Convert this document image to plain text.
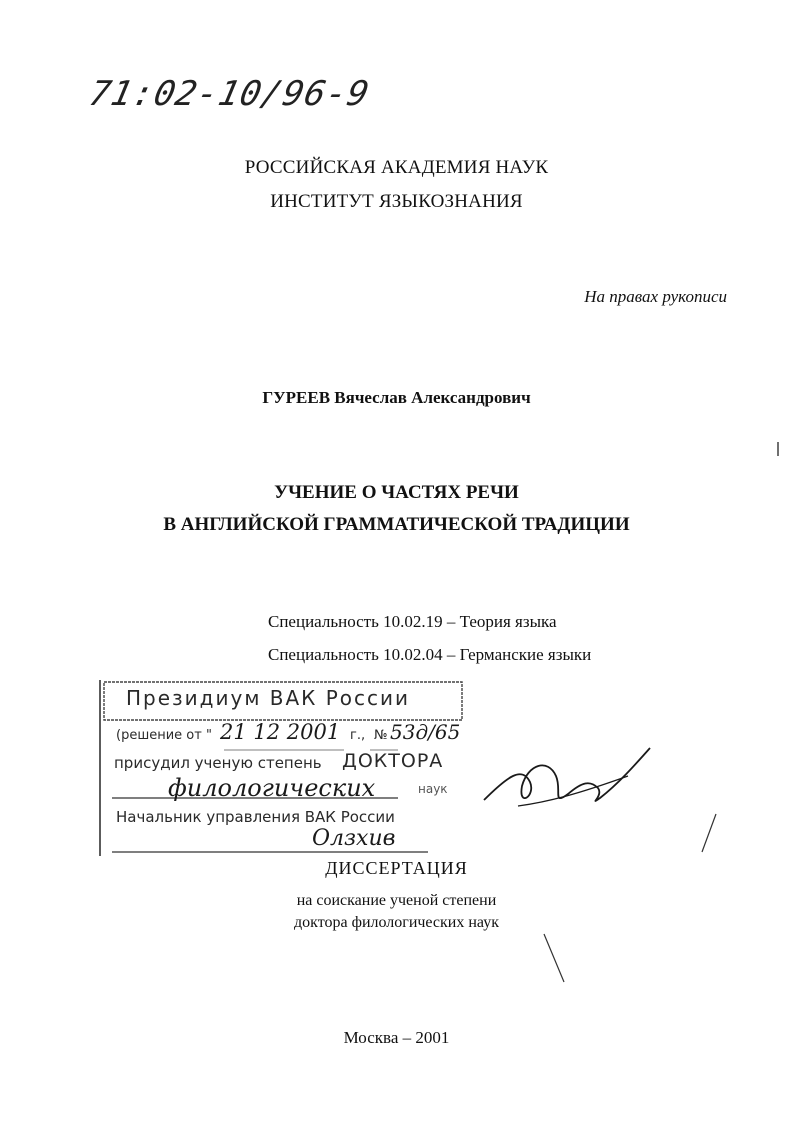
71:02-10/96-9
РОССИЙСКАЯ АКАДЕМИЯ НАУК
ИНСТИТУТ ЯЗЫКОЗНАНИЯ
На правах рукописи
ГУРЕЕВ Вячеслав Александрович
УЧЕНИЕ О ЧАСТЯХ РЕЧИ
В АНГЛИЙСКОЙ ГРАММАТИЧЕСКОЙ ТРАДИЦИИ
Специальность 10.02.19 – Теория языка
Специальность 10.02.04 – Германские языки
Президиум ВАК России
(решение от " 21 12 2001 г., № 53д/65
присудил ученую степень ДОКТОРА
филологических	наук
Начальник управления ВАК России
Олзхив
ДИССЕРТАЦИЯ
на соискание ученой степени
доктора филологических наук
Москва – 2001
